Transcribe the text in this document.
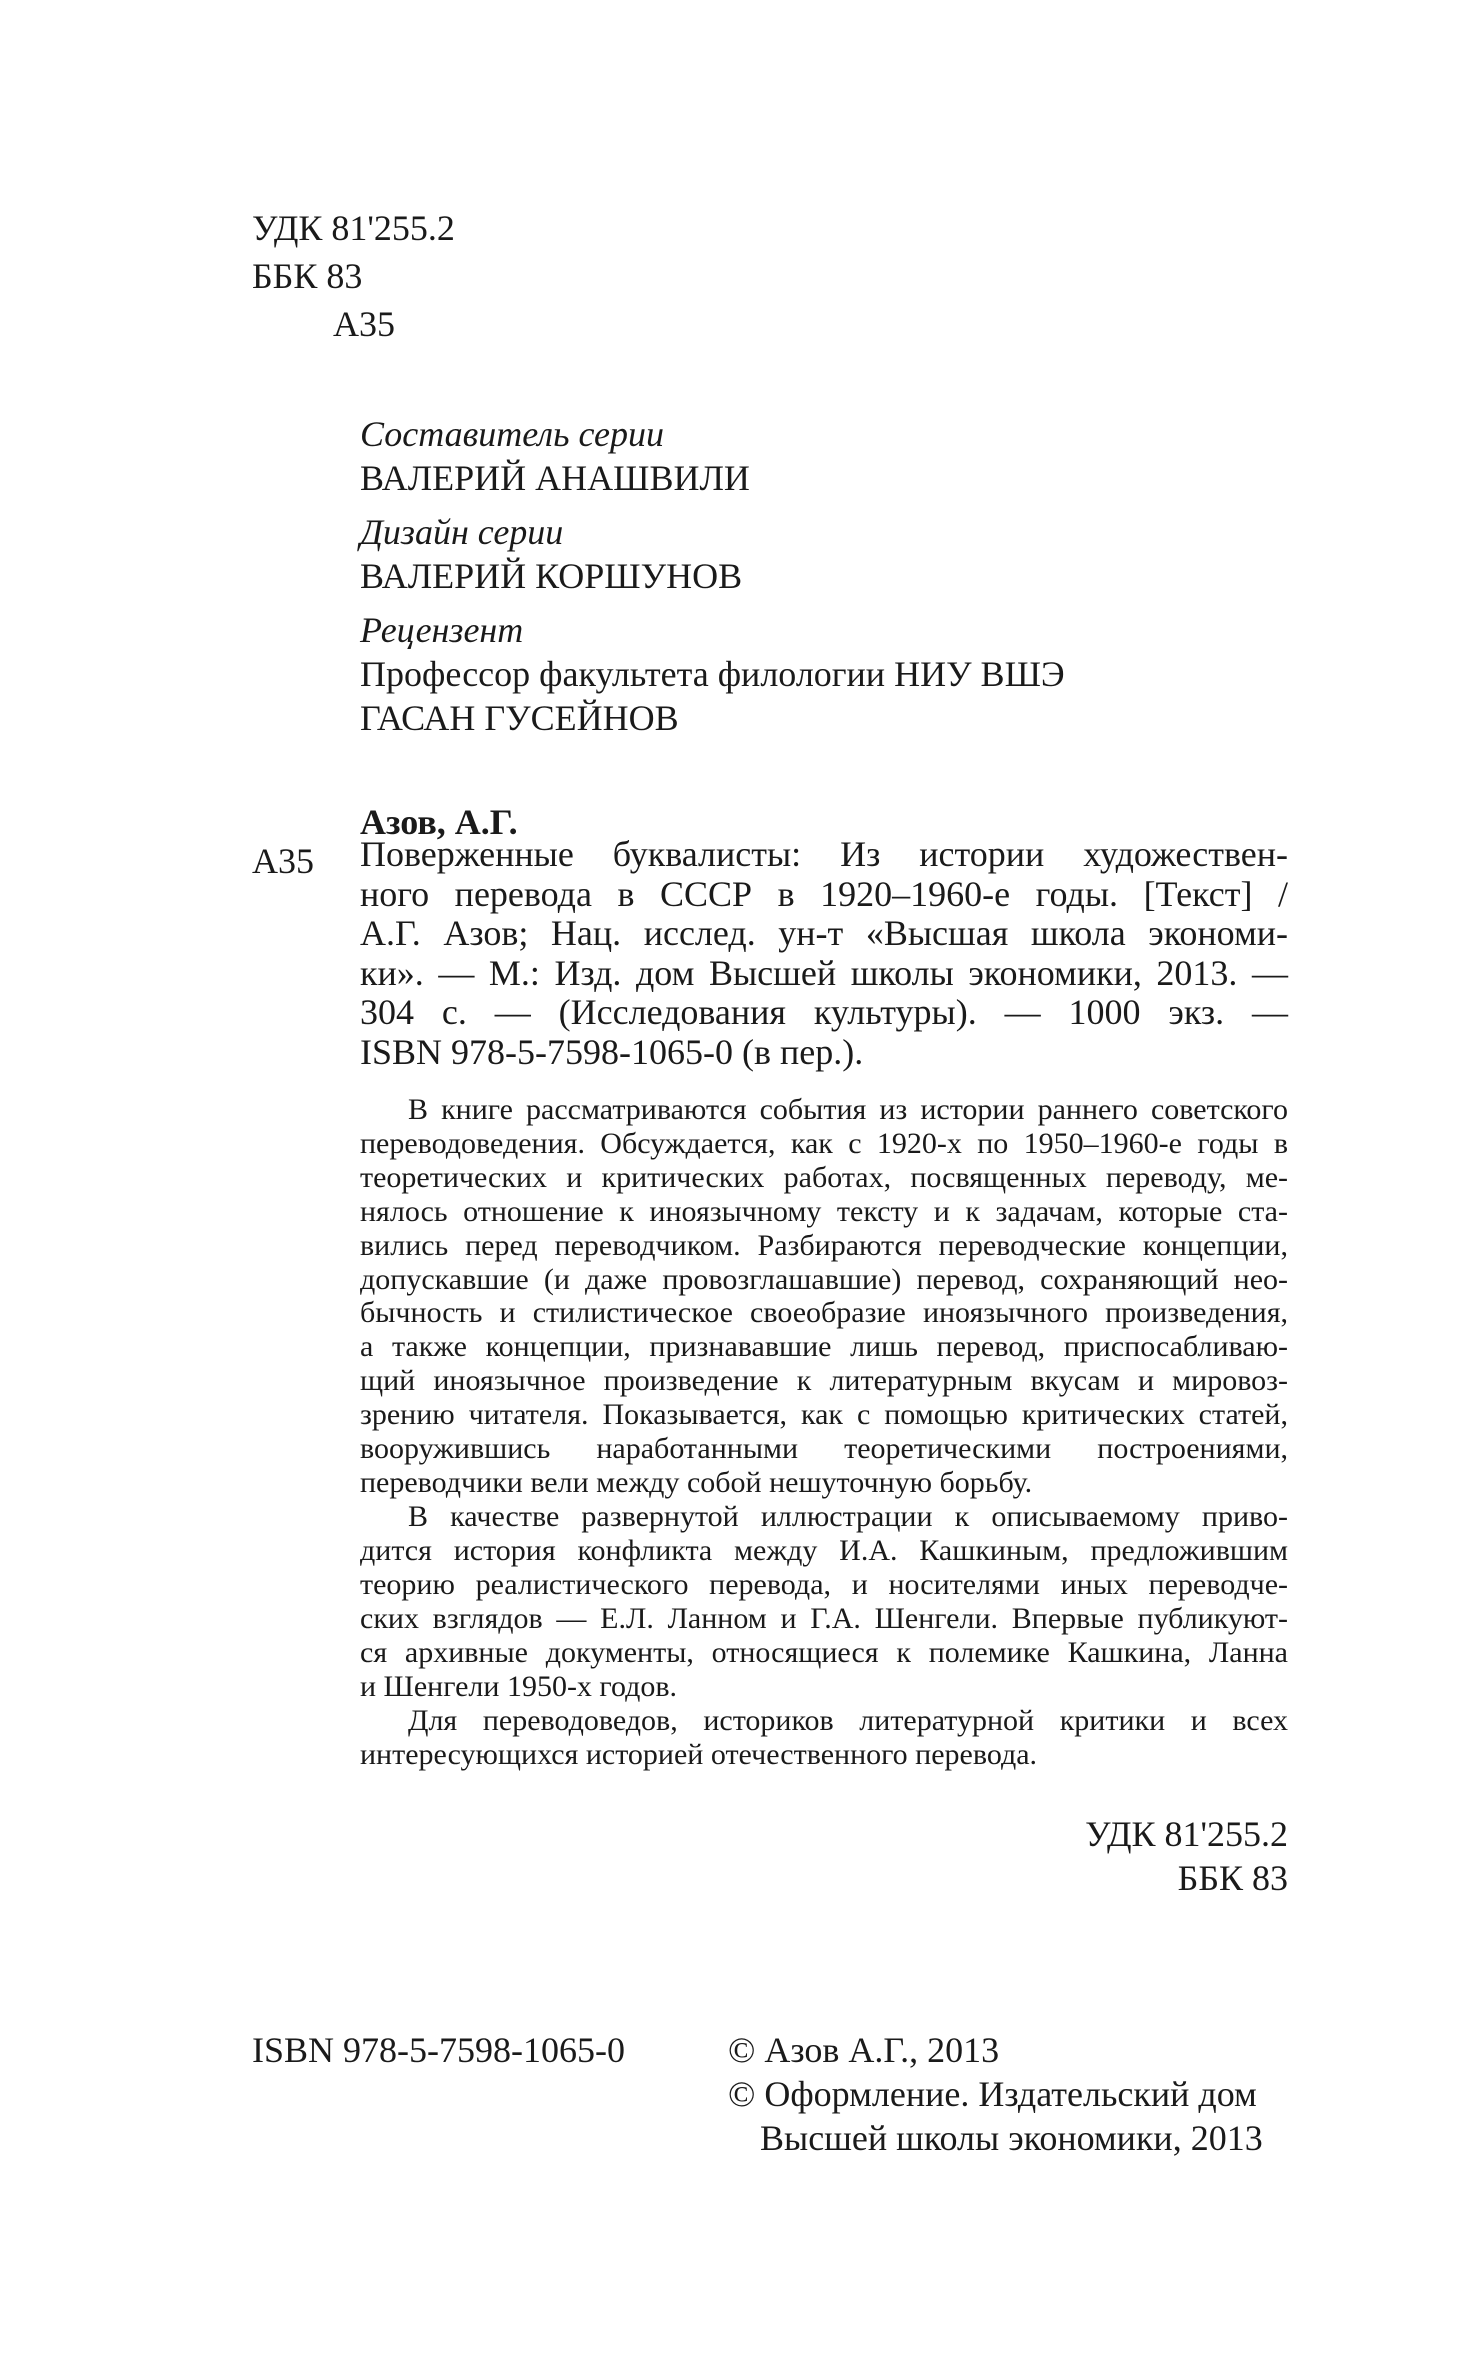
УДК 81'255.2
ББК 83
А35
Составитель серии
ВАЛЕРИЙ АНАШВИЛИ
Дизайн серии
ВАЛЕРИЙ КОРШУНОВ
Рецензент
Профессор факультета филологии НИУ ВШЭ
ГАСАН ГУСЕЙНОВ
Азов, А.Г.
А35 Поверженные буквалисты: Из истории художествен-
ного перевода в СССР в 1920–1960-е годы. [Текст] /
А.Г. Азов; Нац. исслед. ун-т «Высшая школа экономи-
ки». — М.: Изд. дом Высшей школы экономики, 2013. —
304 с. — (Исследования культуры). — 1000 экз. —
ISBN 978-5-7598-1065-0 (в пер.).
В книге рассматриваются события из истории раннего советского
переводоведения. Обсуждается, как с 1920-х по 1950–1960-е годы в
теоретических и критических работах, посвященных переводу, ме-
нялось отношение к иноязычному тексту и к задачам, которые ста-
вились перед переводчиком. Разбираются переводческие концепции,
допускавшие (и даже провозглашавшие) перевод, сохраняющий нео-
бычность и стилистическое своеобразие иноязычного произведения,
а также концепции, признававшие лишь перевод, приспосабливаю-
щий иноязычное произведение к литературным вкусам и мировоз-
зрению читателя. Показывается, как с помощью критических статей,
вооружившись наработанными теоретическими построениями,
переводчики вели между собой нешуточную борьбу.
В качестве развернутой иллюстрации к описываемому приво-
дится история конфликта между И.А. Кашкиным, предложившим
теорию реалистического перевода, и носителями иных переводче-
ских взглядов — Е.Л. Ланном и Г.А. Шенгели. Впервые публикуют-
ся архивные документы, относящиеся к полемике Кашкина, Ланна
и Шенгели 1950-х годов.
Для переводоведов, историков литературной критики и всех
интересующихся историей отечественного перевода.
УДК 81'255.2
ББК 83
ISBN 978-5-7598-1065-0	© Азов А.Г., 2013
© Оформление. Издательский дом
Высшей школы экономики, 2013
